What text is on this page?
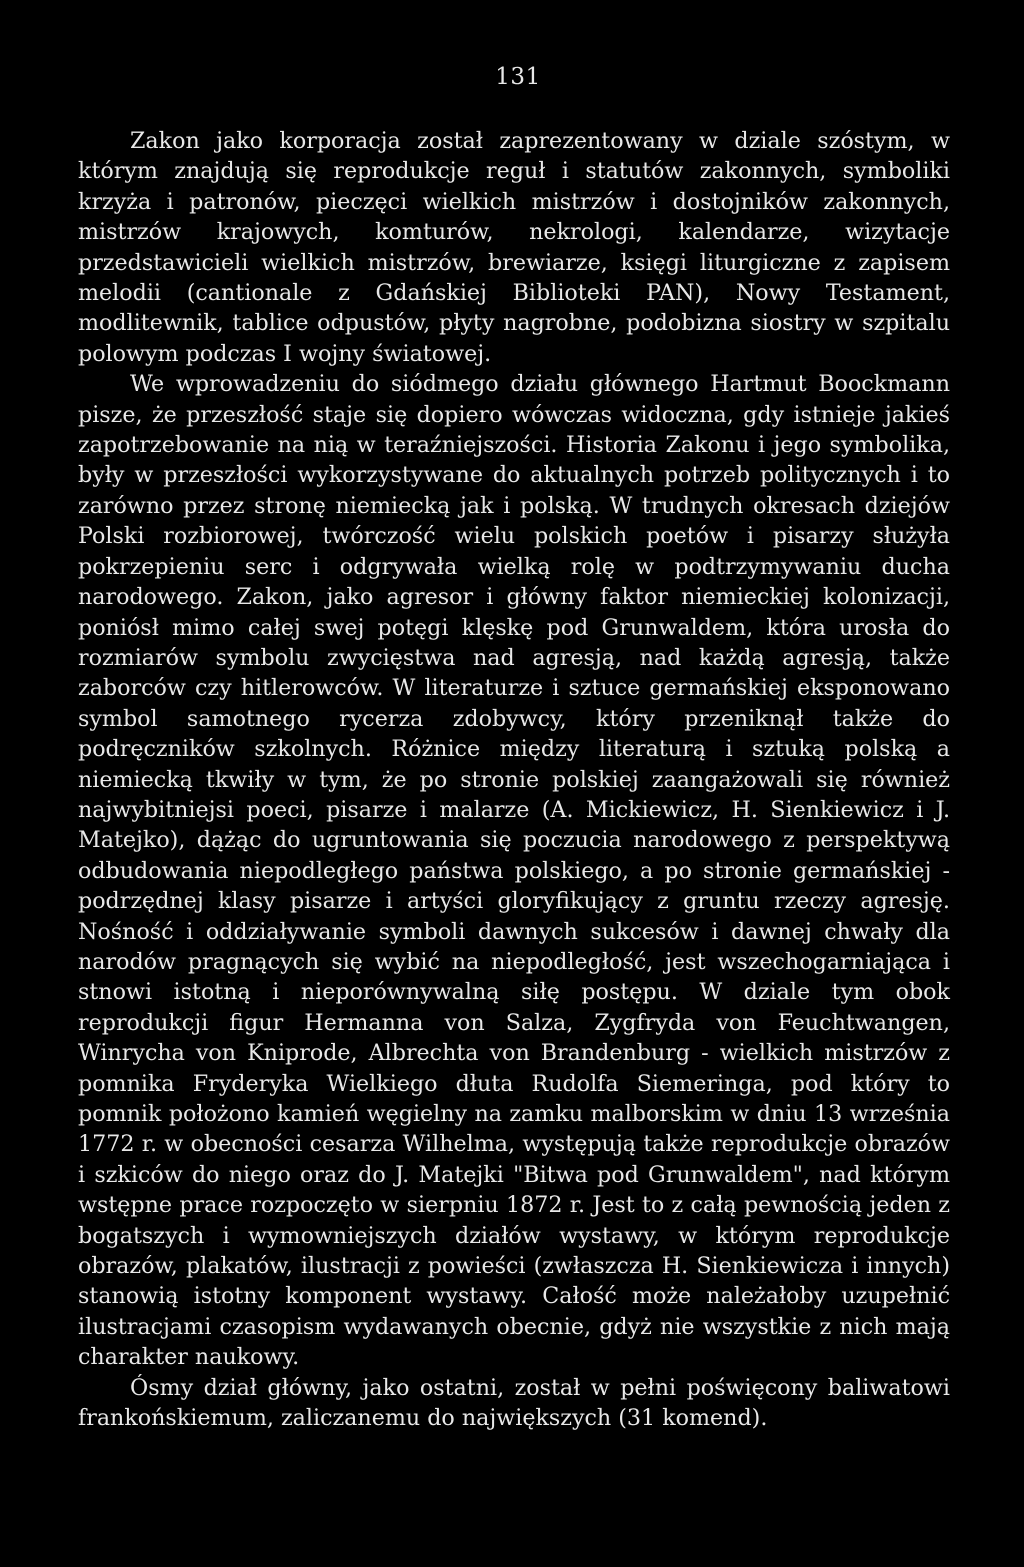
131

Zakon jako korporacja został zaprezentowany w dziale szóstym, w którym znajdują się reprodukcje reguł i statutów zakonnych, symboliki krzyża i patronów, pieczęci wielkich mistrzów i dostojników zakonnych, mistrzów krajowych, komturów, nekrologi, kalendarze, wizytacje przedstawicieli wielkich mistrzów, brewiarze, księgi liturgiczne z zapisem melodii (cantionale z Gdańskiej Biblioteki PAN), Nowy Testament, modlitewnik, tablice odpustów, płyty nagrobne, podobizna siostry w szpitalu polowym podczas I wojny światowej.

We wprowadzeniu do siódmego działu głównego Hartmut Boockmann pisze, że przeszłość staje się dopiero wówczas widoczna, gdy istnieje jakieś zapotrzebowanie na nią w teraźniejszości. Historia Zakonu i jego symbolika, były w przeszłości wykorzystywane do aktualnych potrzeb politycznych i to zarówno przez stronę niemiecką jak i polską. W trudnych okresach dziejów Polski rozbiorowej, twórczość wielu polskich poetów i pisarzy służyła pokrzepieniu serc i odgrywała wielką rolę w podtrzymywaniu ducha narodowego. Zakon, jako agresor i główny faktor niemieckiej kolonizacji, poniósł mimo całej swej potęgi klęskę pod Grunwaldem, która urosła do rozmiarów symbolu zwycięstwa nad agresją, nad każdą agresją, także zaborców czy hitlerowców. W literaturze i sztuce germańskiej eksponowano symbol samotnego rycerza zdobywcy, który przeniknął także do podręczników szkolnych. Różnice między literaturą i sztuką polską a niemiecką tkwiły w tym, że po stronie polskiej zaangażowali się również najwybitniejsi poeci, pisarze i malarze (A. Mickiewicz, H. Sienkiewicz i J. Matejko), dążąc do ugruntowania się poczucia narodowego z perspektywą odbudowania niepodległego państwa polskiego, a po stronie germańskiej - podrzędnej klasy pisarze i artyści gloryfikujący z gruntu rzeczy agresję. Nośność i oddziaływanie symboli dawnych sukcesów i dawnej chwały dla narodów pragnących się wybić na niepodległość, jest wszechogarniająca i stnowi istotną i nieporównywalną siłę postępu. W dziale tym obok reprodukcji figur Hermanna von Salza, Zygfryda von Feuchtwangen, Winrycha von Kniprode, Albrechta von Brandenburg - wielkich mistrzów z pomnika Fryderyka Wielkiego dłuta Rudolfa Siemeringa, pod który to pomnik położono kamień węgielny na zamku malborskim w dniu 13 września 1772 r. w obecności cesarza Wilhelma, występują także reprodukcje obrazów i szkiców do niego oraz do J. Matejki "Bitwa pod Grunwaldem", nad którym wstępne prace rozpoczęto w sierpniu 1872 r. Jest to z całą pewnością jeden z bogatszych i wymowniejszych działów wystawy, w którym reprodukcje obrazów, plakatów, ilustracji z powieści (zwłaszcza H. Sienkiewicza i innych) stanowią istotny komponent wystawy. Całość może należałoby uzupełnić ilustracjami czasopism wydawanych obecnie, gdyż nie wszystkie z nich mają charakter naukowy.

Ósmy dział główny, jako ostatni, został w pełni poświęcony baliwatowi frankońskiemum, zaliczanemu do największych (31 komend).
